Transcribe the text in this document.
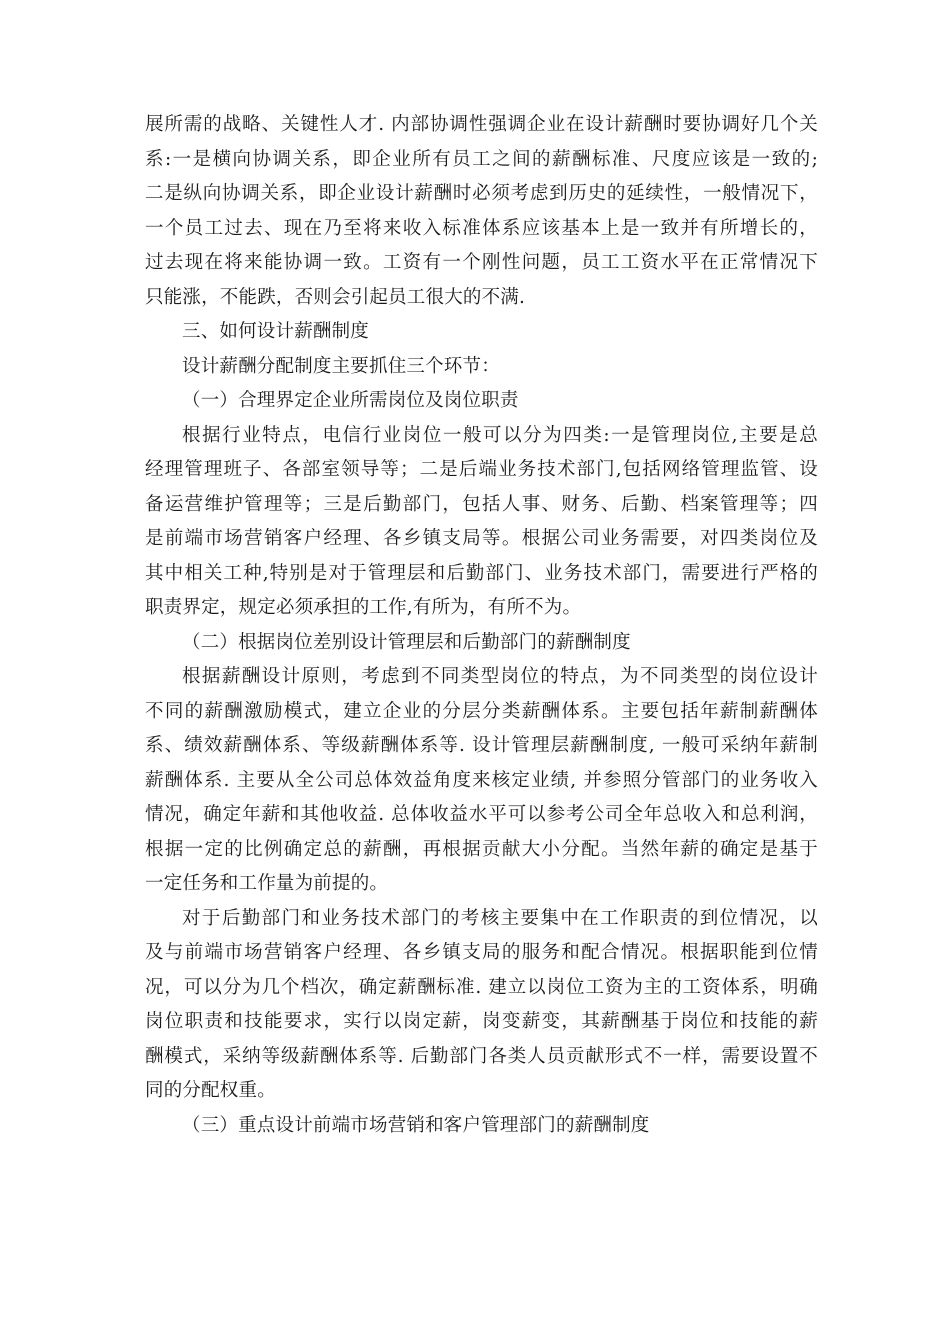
展所需的战略、关键性人才. 内部协调性强调企业在设计薪酬时要协调好几个关
系:一是横向协调关系，即企业所有员工之间的薪酬标准、尺度应该是一致的;
二是纵向协调关系，即企业设计薪酬时必须考虑到历史的延续性，一般情况下，
一个员工过去、现在乃至将来收入标准体系应该基本上是一致并有所增长的，
过去现在将来能协调一致。工资有一个刚性问题，员工工资水平在正常情况下
只能涨，不能跌，否则会引起员工很大的不满.
三、如何设计薪酬制度
设计薪酬分配制度主要抓住三个环节：
（一）合理界定企业所需岗位及岗位职责
根据行业特点，电信行业岗位一般可以分为四类:一是管理岗位,主要是总
经理管理班子、各部室领导等；二是后端业务技术部门,包括网络管理监管、设
备运营维护管理等；三是后勤部门，包括人事、财务、后勤、档案管理等；四
是前端市场营销客户经理、各乡镇支局等。根据公司业务需要，对四类岗位及
其中相关工种,特别是对于管理层和后勤部门、业务技术部门，需要进行严格的
职责界定，规定必须承担的工作,有所为，有所不为。
（二）根据岗位差别设计管理层和后勤部门的薪酬制度
根据薪酬设计原则，考虑到不同类型岗位的特点，为不同类型的岗位设计
不同的薪酬激励模式，建立企业的分层分类薪酬体系。主要包括年薪制薪酬体
系、绩效薪酬体系、等级薪酬体系等. 设计管理层薪酬制度, 一般可采纳年薪制
薪酬体系. 主要从全公司总体效益角度来核定业绩, 并参照分管部门的业务收入
情况，确定年薪和其他收益. 总体收益水平可以参考公司全年总收入和总利润，
根据一定的比例确定总的薪酬，再根据贡献大小分配。当然年薪的确定是基于
一定任务和工作量为前提的。
对于后勤部门和业务技术部门的考核主要集中在工作职责的到位情况，以
及与前端市场营销客户经理、各乡镇支局的服务和配合情况。根据职能到位情
况，可以分为几个档次，确定薪酬标准. 建立以岗位工资为主的工资体系，明确
岗位职责和技能要求，实行以岗定薪，岗变薪变，其薪酬基于岗位和技能的薪
酬模式，采纳等级薪酬体系等. 后勤部门各类人员贡献形式不一样，需要设置不
同的分配权重。
（三）重点设计前端市场营销和客户管理部门的薪酬制度
